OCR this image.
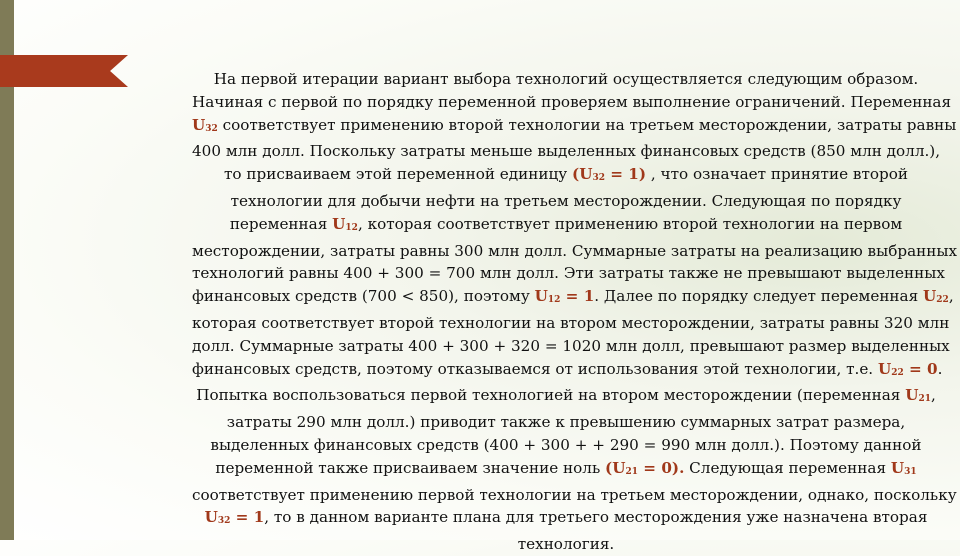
На первой итерации вариант выбора технологий осуществляется следующим образом.
Начиная с первой по порядку переменной проверяем выполнение ограничений. Переменная
$U_{32}$ соответствует применению второй технологии на третьем месторождении, затраты равны
400 млн долл. Поскольку затраты меньше выделенных финансовых средств (850 млн долл.),
то присваиваем этой переменной единицу $(U_{32} = 1)$ , что означает принятие второй
технологии для добычи нефти на третьем месторождении. Следующая по порядку
переменная $U_{12}$, которая соответствует применению второй технологии на первом
месторождении, затраты равны 300 млн долл. Суммарные затраты на реализацию выбранных
технологий равны 400 + 300 = 700 млн долл. Эти затраты также не превышают выделенных
финансовых средств (700 < 850), поэтому $U_{12} = 1$. Далее по порядку следует переменная $U_{22}$,
которая соответствует второй технологии на втором месторождении, затраты равны 320 млн
долл. Суммарные затраты 400 + 300 + 320 = 1020 млн долл, превышают размер выделенных
финансовых средств, поэтому отказываемся от использования этой технологии, т.е. $U_{22} = 0$.
Попытка воспользоваться первой технологией на втором месторождении (переменная $U_{21}$,
затраты 290 млн долл.) приводит также к превышению суммарных затрат размера,
выделенных финансовых средств (400 + 300 + + 290 = 990 млн долл.). Поэтому данной
переменной также присваиваем значение ноль $(U_{21} = 0)$. Следующая переменная $U_{31}$
соответствует применению первой технологии на третьем месторождении, однако, поскольку
$U_{32} = 1$, то в данном варианте плана для третьего месторождения уже назначена вторая
технология.
